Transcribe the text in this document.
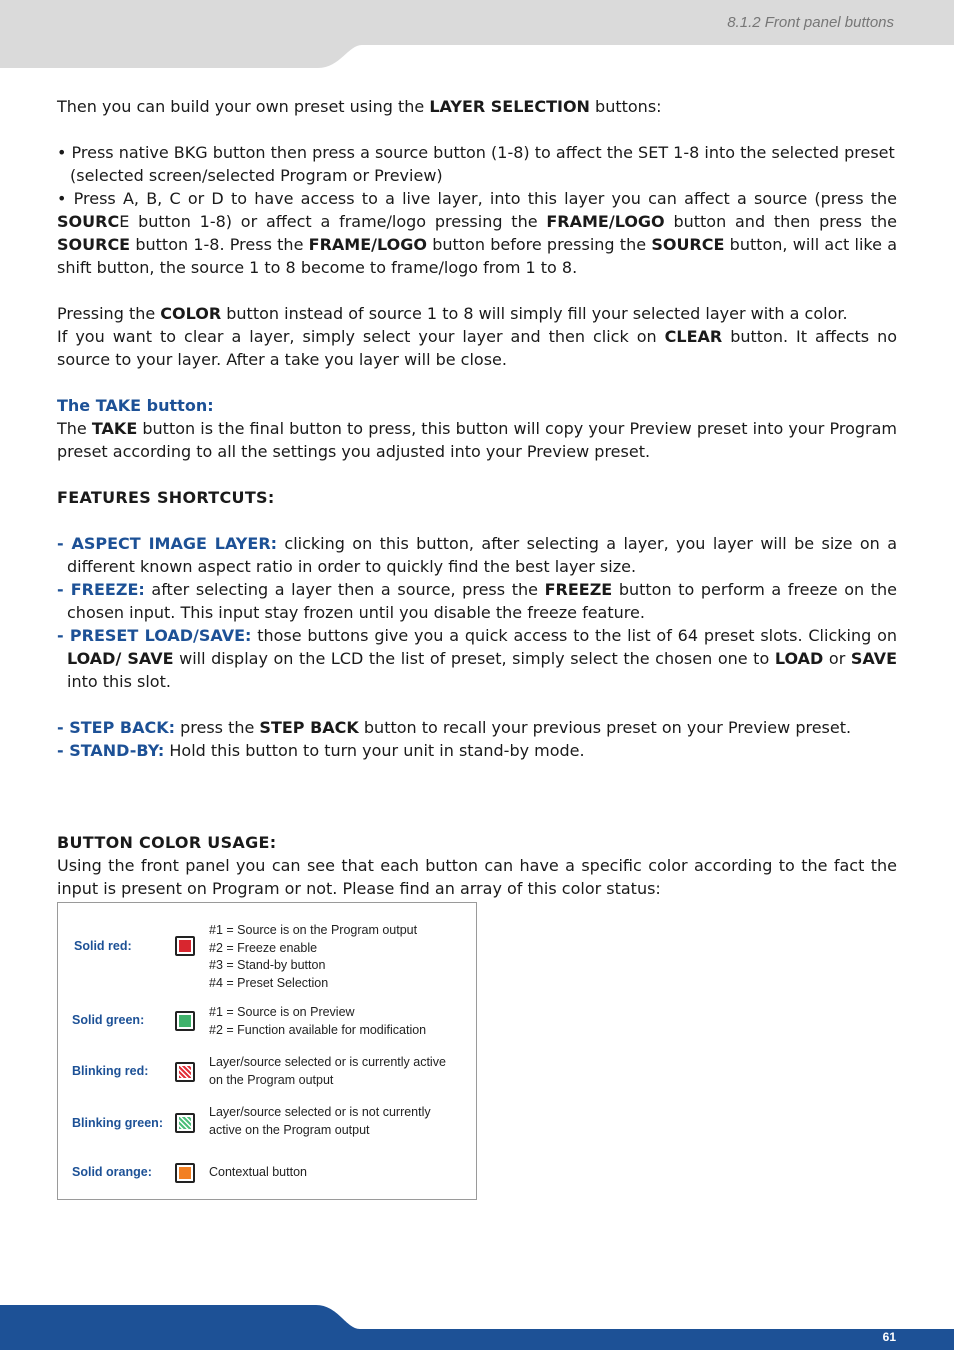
8.1.2 Front panel buttons

Then you can build your own preset using the LAYER SELECTION buttons:

• Press native BKG button then press a source button (1-8) to affect the SET 1-8 into the selected preset

(selected screen/selected Program or Preview)

• Press A, B, C or D to have access to a live layer, into this layer you can affect a source (press the SOURCE button 1-8) or affect a frame/logo pressing the FRAME/LOGO button and then press the SOURCE button 1-8. Press the FRAME/LOGO button before pressing the SOURCE button, will act like a shift button, the source 1 to 8 become to frame/logo from 1 to 8.

Pressing the COLOR button instead of source 1 to 8 will simply fill your selected layer with a color.

If you want to clear a layer, simply select your layer and then click on CLEAR button. It affects no source to your layer. After a take you layer will be close.

The TAKE button:

The TAKE button is the final button to press, this button will copy your Preview preset into your Program preset according to all the settings you adjusted into your Preview preset.

FEATURES SHORTCUTS:

- ASPECT IMAGE LAYER: clicking on this button, after selecting a layer, you layer will be size on a different known aspect ratio in order to quickly find the best layer size.

- FREEZE: after selecting a layer then a source, press the FREEZE button to perform a freeze on the chosen input. This input stay frozen until you disable the freeze feature.

- PRESET LOAD/SAVE: those buttons give you a quick access to the list of 64 preset slots. Clicking on LOAD/ SAVE will display on the LCD the list of preset, simply select the chosen one to LOAD or SAVE into this slot.

- STEP BACK: press the STEP BACK button to recall your previous preset on your Preview preset.

- STAND-BY: Hold this button to turn your unit in stand-by mode.

BUTTON COLOR USAGE:

Using the front panel you can see that each button can have a specific color according to the fact the input is present on Program or not. Please find an array of this color status:

Solid red:
#1 = Source is on the Program output
#2 = Freeze enable
#3 = Stand-by button
#4 = Preset Selection
Solid green:
#1 = Source is on Preview
#2 = Function available for modification
Blinking red:
Layer/source selected or is currently active
on the Program output
Blinking green:
Layer/source selected or is not currently
active on the Program output
Solid orange:	Contextual button
61
